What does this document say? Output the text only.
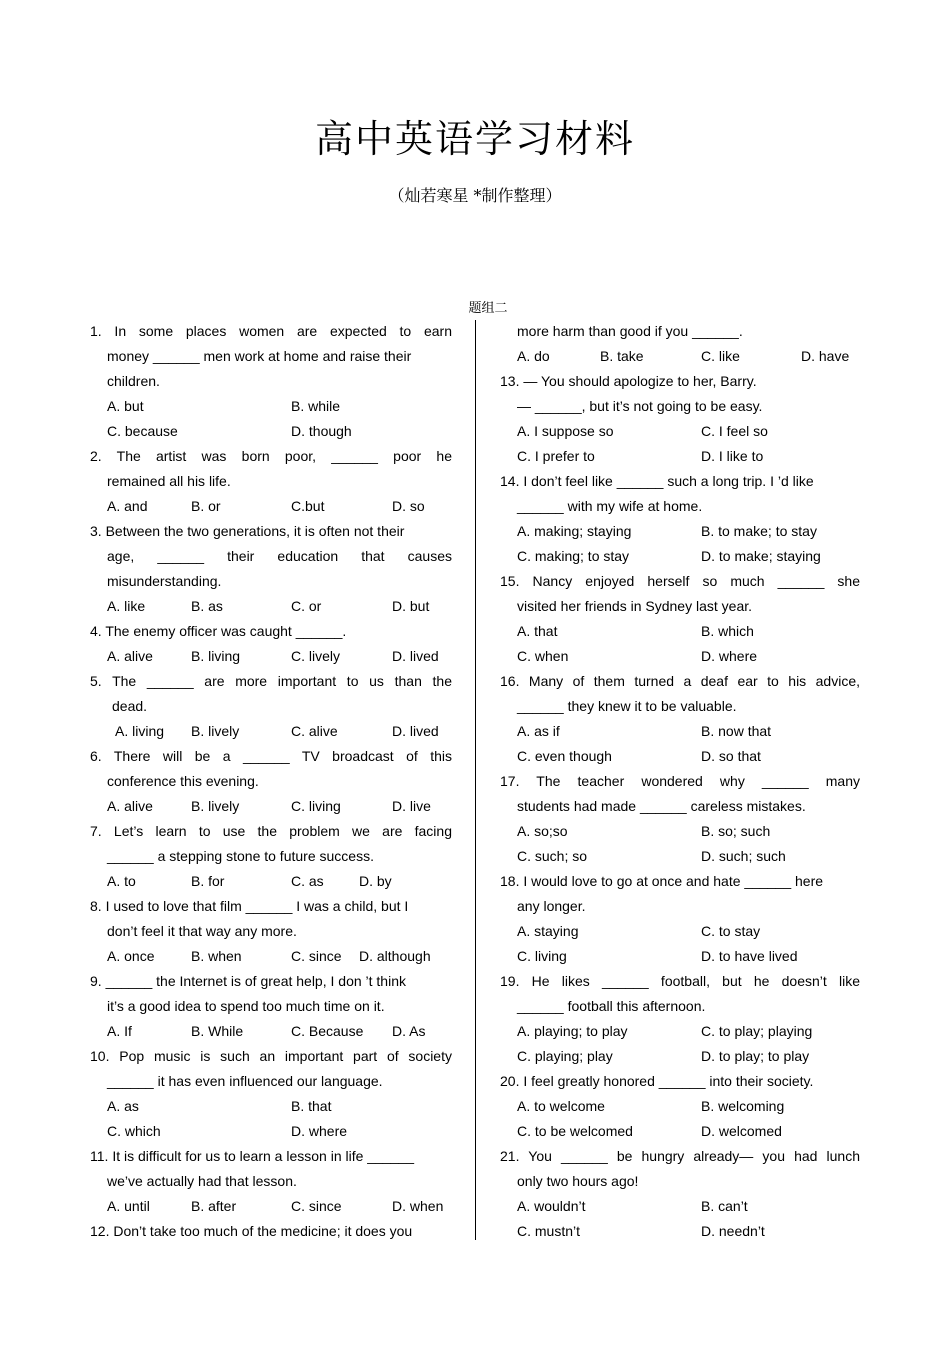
高中英语学习材料
（灿若寒星 *制作整理）
题组二
1. In some places women are expected to earn
money ______ men work at home and raise their
children.
A. but	B. while
C. because	D. though
2. The artist was born poor, ______ poor he
remained all his life.
A. and	B. or	C.but	D. so
3. Between the two generations, it is often not their
age, ______ their education that causes
misunderstanding.
A. like	B. as	C. or	D. but
4. The enemy officer was caught ______.
A. alive	B. living	C. lively	D. lived
5. The ______ are more important to us than the
dead.
A. living	B. lively	C. alive	D. lived
6. There will be a ______ TV broadcast of this
conference this evening.
A. alive	B. lively	C. living	D. live
7. Let’s learn to use the problem we are facing
______ a stepping stone to future success.
A. to	B. for	C. as	D. by
8. I used to love that film ______ I was a child, but I
don’t feel it that way any more.
A. once	B. when	C. since	D. although
9. ______ the Internet is of great help, I don ’t think
it’s a good idea to spend too much time on it.
A. If	B. While	C. Because	D. As
10. Pop music is such an important part of society
______ it has even influenced our language.
A. as	B. that
C. which	D. where
11. It is difficult for us to learn a lesson in life ______
we’ve actually had that lesson.
A. until	B. after	C. since	D. when
12. Don’t take too much of the medicine; it does you
more harm than good if you ______.
A. do	B. take	C. like	D. have
13. — You should apologize to her, Barry.
— ______, but it’s not going to be easy.
A. I suppose so	C. I feel so
C. I prefer to	D. I like to
14. I don’t feel like ______ such a long trip. I ’d like
______ with my wife at home.
A. making; staying	B. to make; to stay
C. making; to stay	D. to make; staying
15. Nancy enjoyed herself so much ______ she
visited her friends in Sydney last year.
A. that	B. which
C. when	D. where
16. Many of them turned a deaf ear to his advice,
______ they knew it to be valuable.
A. as if	B. now that
C. even though	D. so that
17. The teacher wondered why ______ many
students had made ______ careless mistakes.
A. so;so	B. so; such
C. such; so	D. such; such
18. I would love to go at once and hate ______ here
any longer.
A. staying	C. to stay
C. living	D. to have lived
19. He likes ______ football, but he doesn’t like
______ football this afternoon.
A. playing; to play	C. to play; playing
C. playing; play	D. to play; to play
20. I feel greatly honored ______ into their society.
A. to welcome	B. welcoming
C. to be welcomed	D. welcomed
21. You ______ be hungry already— you had lunch
only two hours ago!
A. wouldn’t	B. can’t
C. mustn’t	D. needn’t
